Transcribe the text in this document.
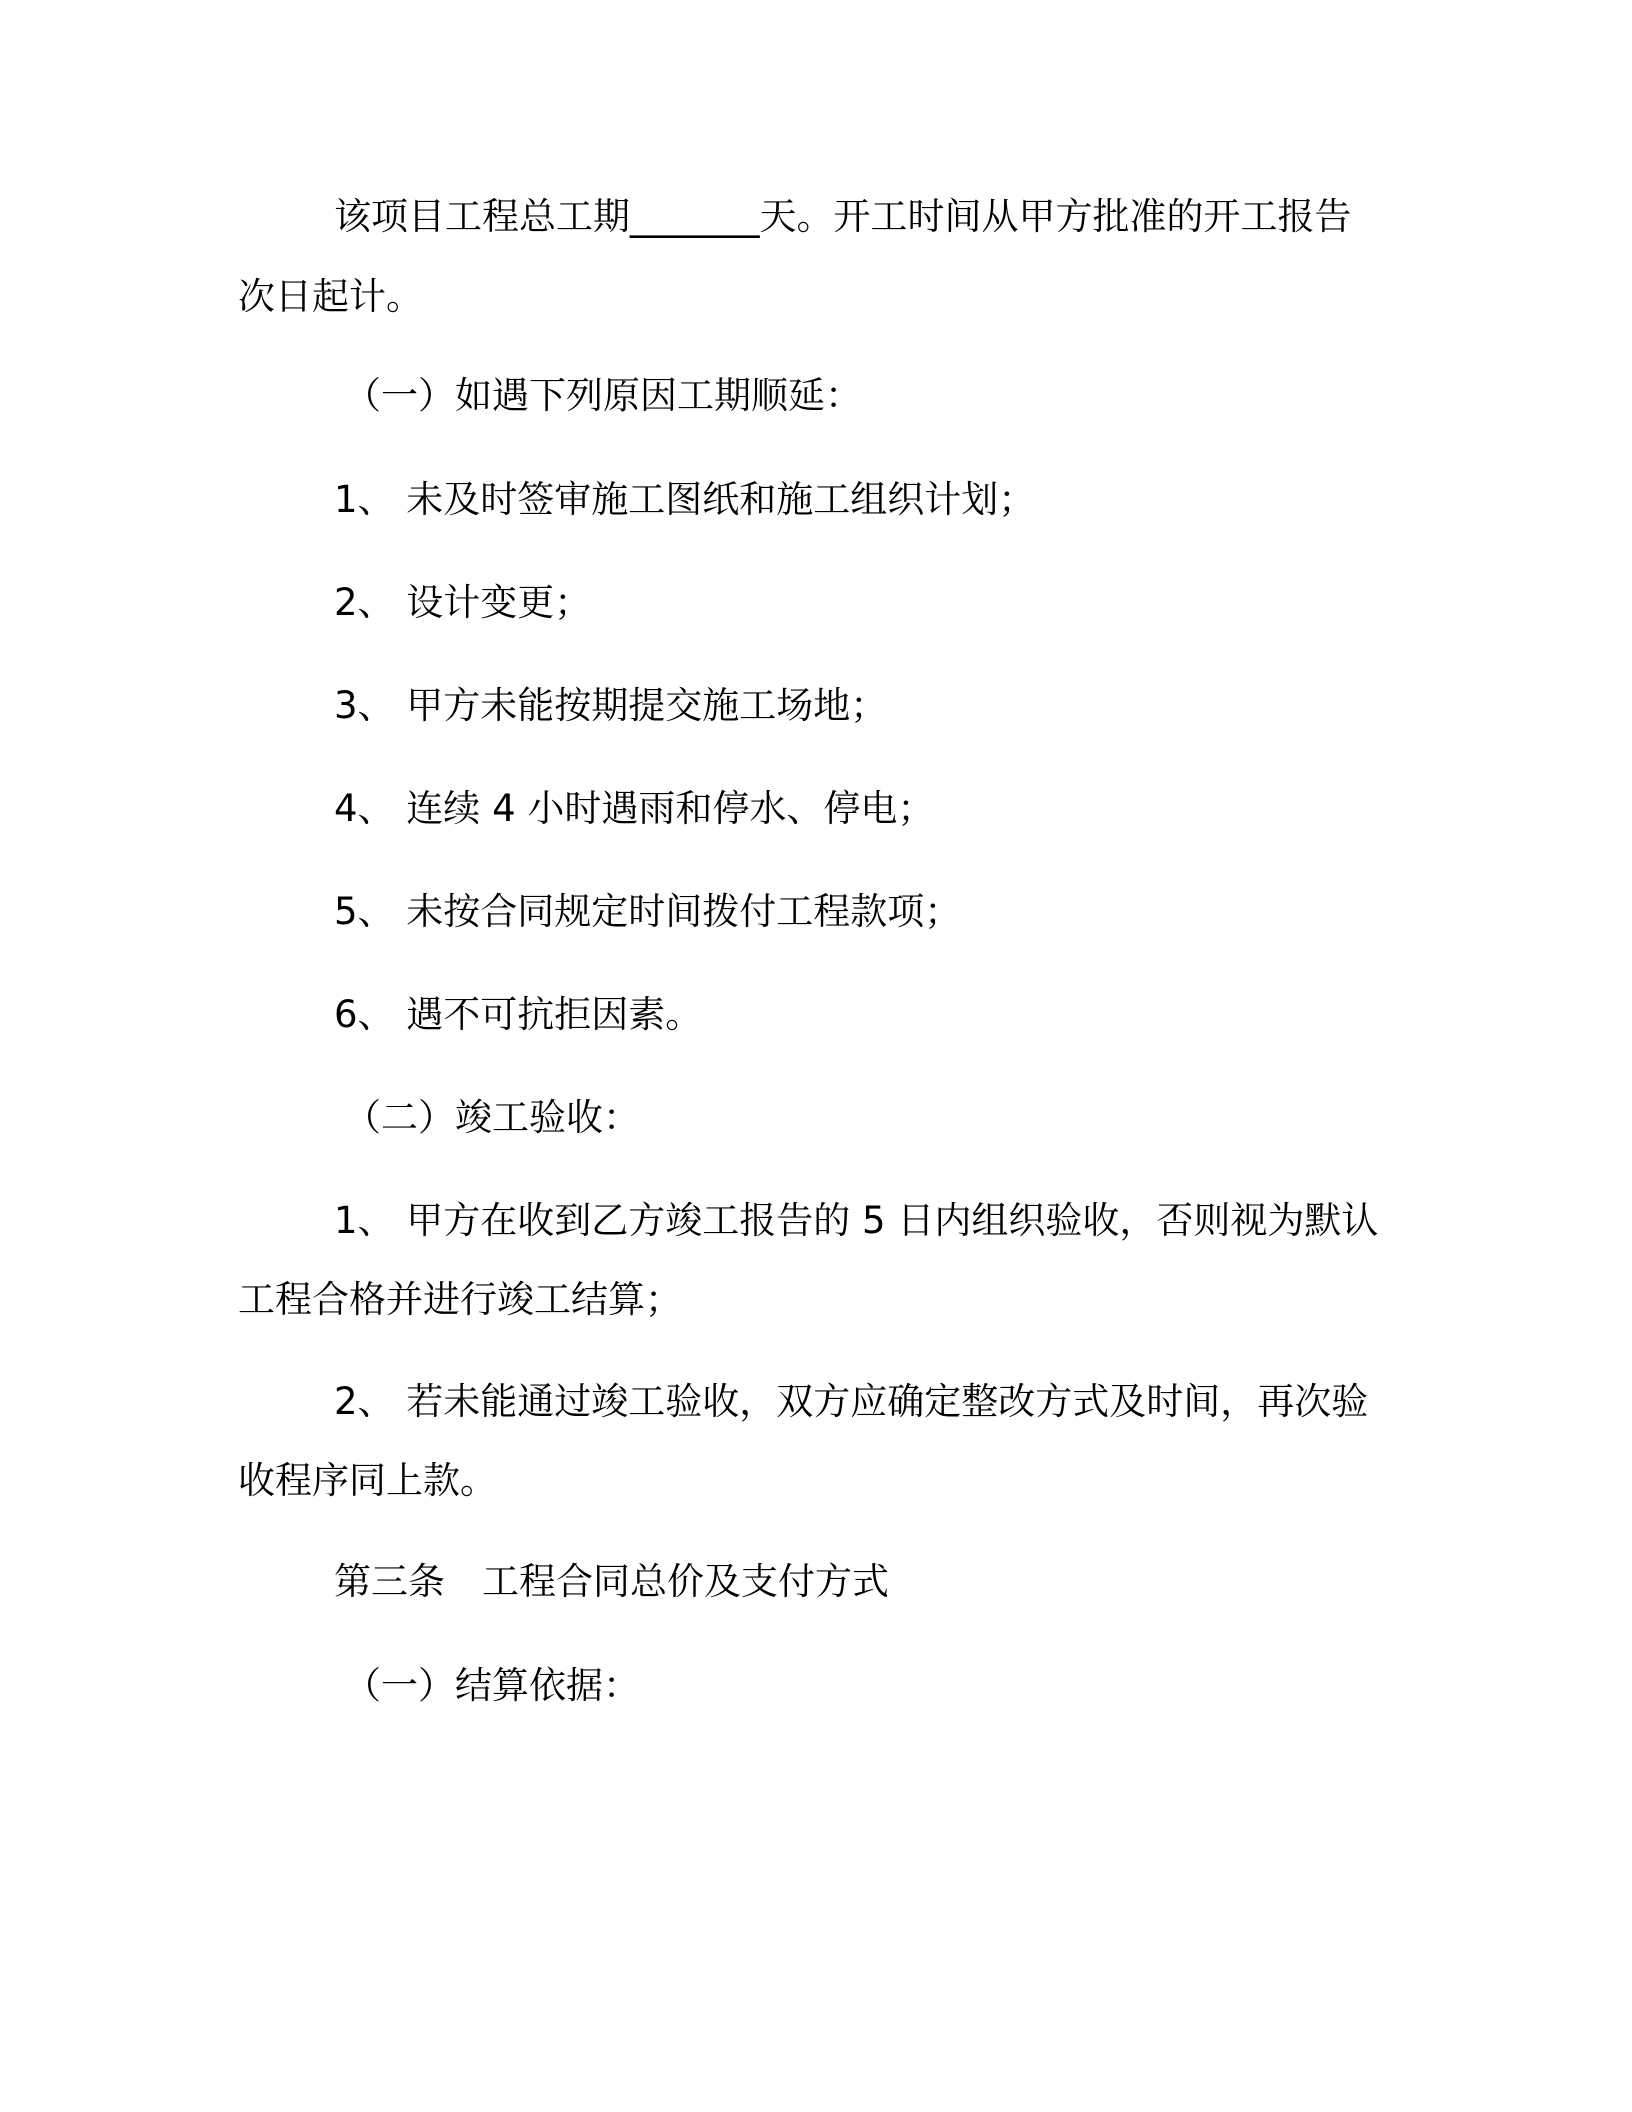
该项目工程总工期_______天。开工时间从甲方批准的开工报告
次日起计。
（一）如遇下列原因工期顺延：
1、 未及时签审施工图纸和施工组织计划；
2、 设计变更；
3、 甲方未能按期提交施工场地；
4、 连续 4 小时遇雨和停水、停电；
5、 未按合同规定时间拨付工程款项；
6、 遇不可抗拒因素。
（二）竣工验收：
1、 甲方在收到乙方竣工报告的 5 日内组织验收，否则视为默认
工程合格并进行竣工结算；
2、 若未能通过竣工验收，双方应确定整改方式及时间，再次验
收程序同上款。
第三条　工程合同总价及支付方式
（一）结算依据：
